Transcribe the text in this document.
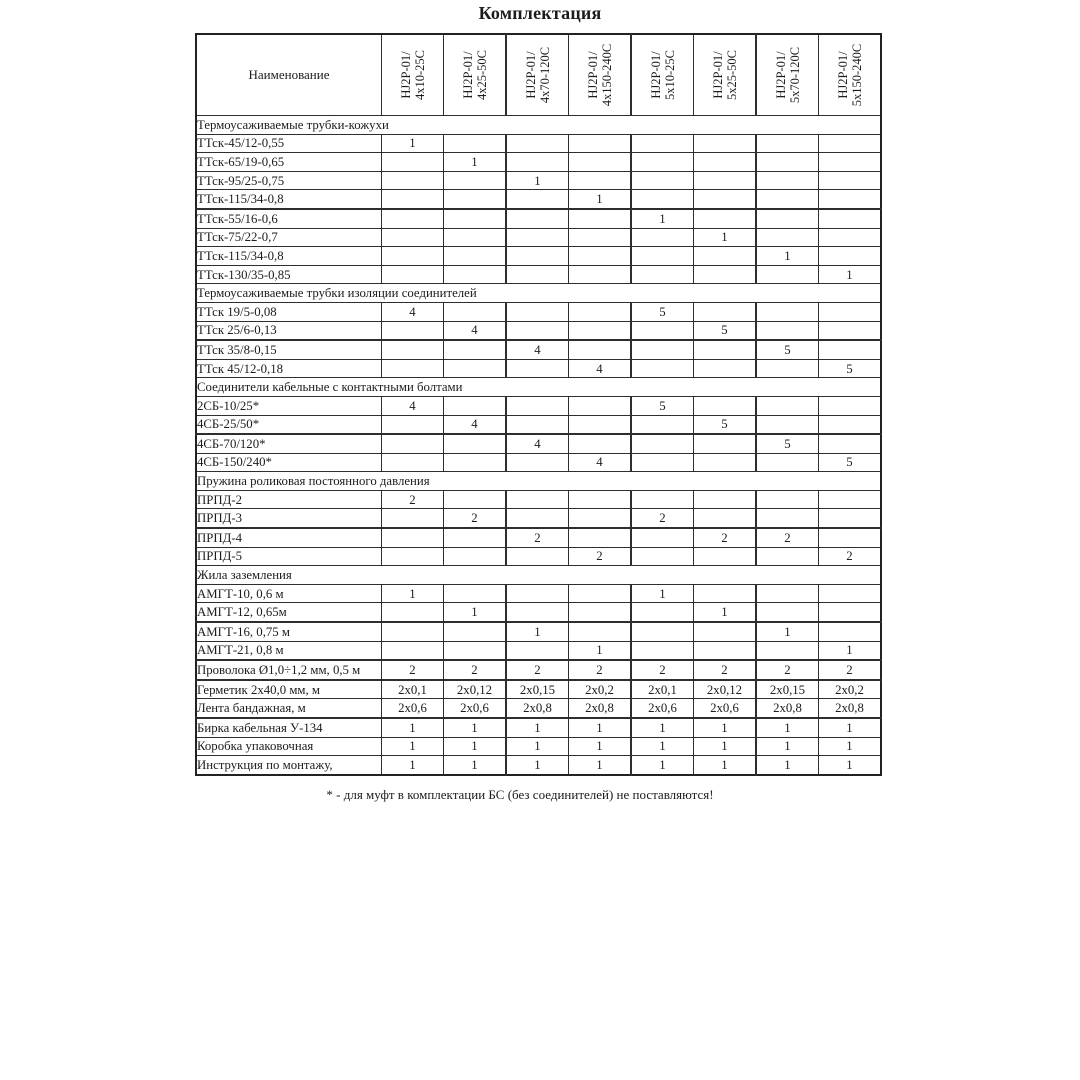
Комплектация
Наименование	HJ2P-01/ 4x10-25C	HJ2P-01/ 4x25-50C	HJ2P-01/ 4x70-120C	HJ2P-01/ 4x150-240C	HJ2P-01/ 5x10-25C	HJ2P-01/ 5x25-50C	HJ2P-01/ 5x70-120C	HJ2P-01/ 5x150-240C

Термоусаживаемые трубки-кожухи								
ТТск-45/12-0,55	1							
ТТск-65/19-0,65		1						
ТТск-95/25-0,75			1					
ТТск-115/34-0,8				1				
ТТск-55/16-0,6					1			
ТТск-75/22-0,7						1		
ТТск-115/34-0,8							1	
ТТск-130/35-0,85								1
Термоусаживаемые трубки изоляции соединителей								
ТТск 19/5-0,08	4				5			
ТТск 25/6-0,13		4				5		
ТТск 35/8-0,15			4				5	
ТТск 45/12-0,18				4				5
Соединители кабельные с контактными болтами								
2СБ-10/25*	4				5			
4СБ-25/50*		4				5		
4СБ-70/120*			4				5	
4СБ-150/240*				4				5
Пружина роликовая постоянного давления								
ПРПД-2	2							
ПРПД-3		2			2			
ПРПД-4			2			2	2	
ПРПД-5				2				2
Жила заземления								
АМГТ-10, 0,6 м	1				1			
АМГТ-12, 0,65м		1				1		
АМГТ-16, 0,75 м			1				1	
АМГТ-21, 0,8 м				1				1
Проволока Ø1,0÷1,2 мм, 0,5 м	2	2	2	2	2	2	2	2
Герметик 2x40,0 мм, м	2x0,1	2x0,12	2x0,15	2x0,2	2x0,1	2x0,12	2x0,15	2x0,2
Лента бандажная, м	2x0,6	2x0,6	2x0,8	2x0,8	2x0,6	2x0,6	2x0,8	2x0,8
Бирка кабельная У-134	1	1	1	1	1	1	1	1
Коробка упаковочная	1	1	1	1	1	1	1	1
Инструкция по монтажу,	1	1	1	1	1	1	1	1
* - для муфт в комплектации БС (без соединителей) не поставляются!
